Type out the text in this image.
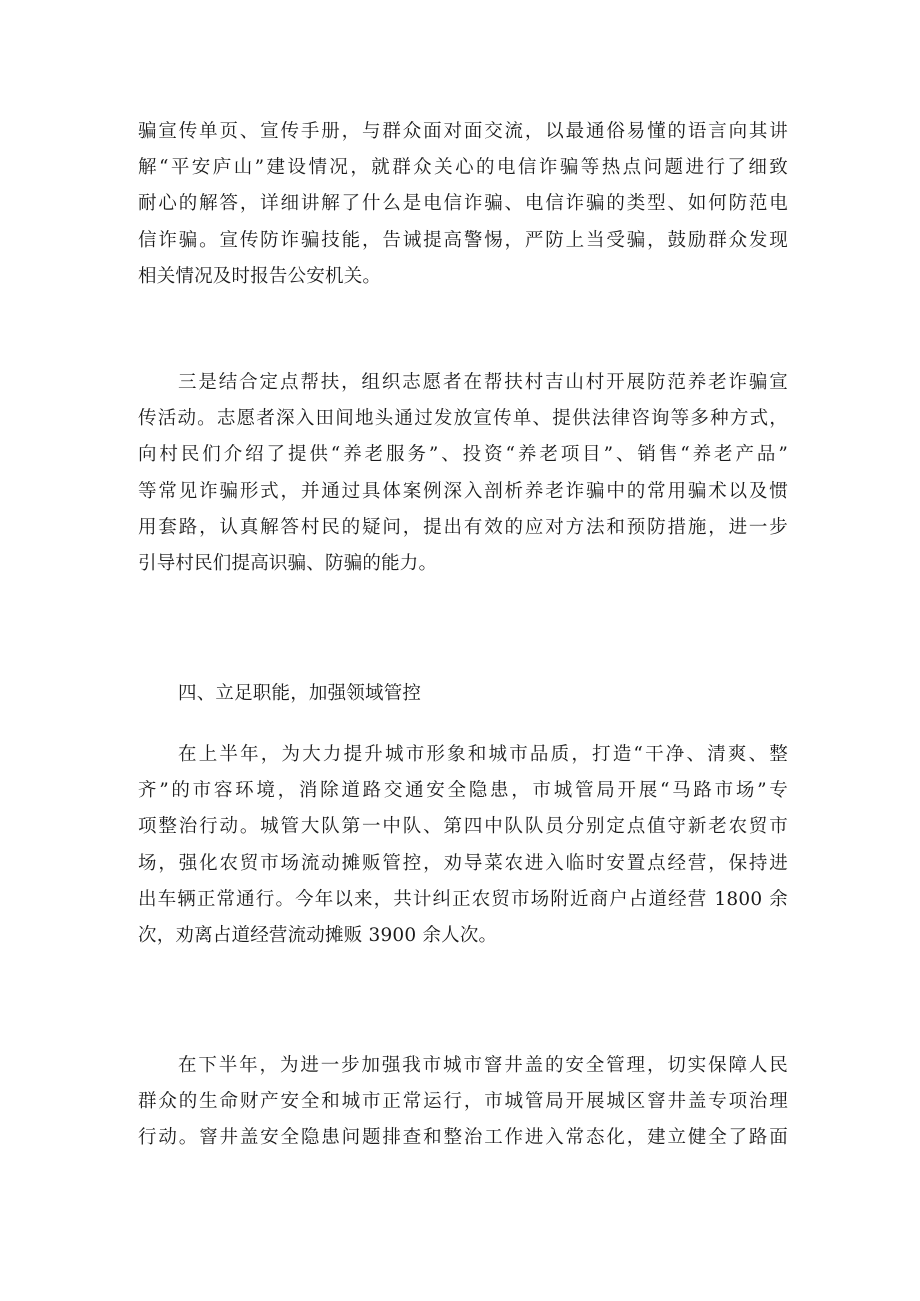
骗宣传单页、宣传手册，与群众面对面交流，以最通俗易懂的语言向其讲
解“平安庐山”建设情况，就群众关心的电信诈骗等热点问题进行了细致
耐心的解答，详细讲解了什么是电信诈骗、电信诈骗的类型、如何防范电
信诈骗。宣传防诈骗技能，告诫提高警惕，严防上当受骗，鼓励群众发现
相关情况及时报告公安机关。
三是结合定点帮扶，组织志愿者在帮扶村吉山村开展防范养老诈骗宣
传活动。志愿者深入田间地头通过发放宣传单、提供法律咨询等多种方式，
向村民们介绍了提供“养老服务”、投资“养老项目”、销售“养老产品”
等常见诈骗形式，并通过具体案例深入剖析养老诈骗中的常用骗术以及惯
用套路，认真解答村民的疑问，提出有效的应对方法和预防措施，进一步
引导村民们提高识骗、防骗的能力。
四、立足职能，加强领域管控
在上半年，为大力提升城市形象和城市品质，打造“干净、清爽、整
齐”的市容环境，消除道路交通安全隐患，市城管局开展“马路市场”专
项整治行动。城管大队第一中队、第四中队队员分别定点值守新老农贸市
场，强化农贸市场流动摊贩管控，劝导菜农进入临时安置点经营，保持进
出车辆正常通行。今年以来，共计纠正农贸市场附近商户占道经营 1800 余
次，劝离占道经营流动摊贩 3900 余人次。
在下半年，为进一步加强我市城市窨井盖的安全管理，切实保障人民
群众的生命财产安全和城市正常运行，市城管局开展城区窨井盖专项治理
行动。窨井盖安全隐患问题排查和整治工作进入常态化，建立健全了路面
